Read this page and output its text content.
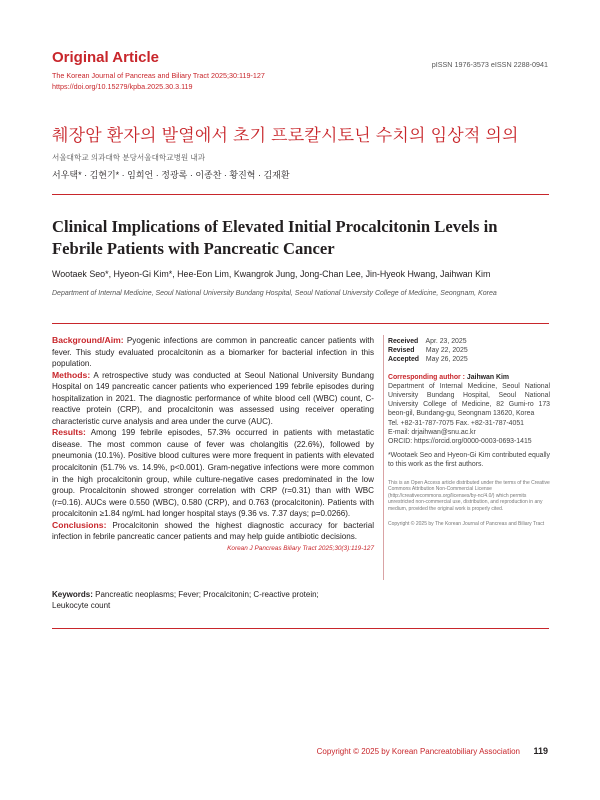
Original Article
The Korean Journal of Pancreas and Biliary Tract 2025;30:119-127
https://doi.org/10.15279/kpba.2025.30.3.119
pISSN 1976-3573 eISSN 2288-0941
췌장암 환자의 발열에서 초기 프로칼시토닌 수치의 임상적 의의
서울대학교 의과대학 분당서울대학교병원 내과
서우택* · 김현기* · 임희언 · 정광록 · 이종찬 · 황진혁 · 김재환
Clinical Implications of Elevated Initial Procalcitonin Levels in Febrile Patients with Pancreatic Cancer
Wootaek Seo*, Hyeon-Gi Kim*, Hee-Eon Lim, Kwangrok Jung, Jong-Chan Lee, Jin-Hyeok Hwang, Jaihwan Kim
Department of Internal Medicine, Seoul National University Bundang Hospital, Seoul National University College of Medicine, Seongnam, Korea

Background/Aim: Pyogenic infections are common in pancreatic cancer patients with fever. This study evaluated procalcitonin as a biomarker for bacterial infection in this population.

Methods: A retrospective study was conducted at Seoul National University Bundang Hospital on 149 pancreatic cancer patients who experienced 199 febrile episodes during hospitalization in 2021. The diagnostic performance of white blood cell (WBC) count, C-reactive protein (CRP), and procalcitonin was assessed using receiver operating characteristic curve analysis and area under the curve (AUC).

Results: Among 199 febrile episodes, 57.3% occurred in patients with metastatic disease. The most common cause of fever was cholangitis (22.6%), followed by pneumonia (10.1%). Positive blood cultures were more frequent in patients with elevated procalcitonin (51.7% vs. 14.9%, p<0.001). Gram-negative infections were more common in the high procalcitonin group, while culture-negative cases predominated in the low group. Procalcitonin showed stronger correlation with CRP (r=0.31) than with WBC (r=0.16). AUCs were 0.550 (WBC), 0.580 (CRP), and 0.763 (procalcitonin). Patients with procalcitonin ≥1.84 ng/mL had longer hospital stays (9.36 vs. 7.37 days; p=0.0266).

Conclusions: Procalcitonin showed the highest diagnostic accuracy for bacterial infection in febrile pancreatic cancer patients and may help guide antibiotic decisions.

Korean J Pancreas Biliary Tract 2025;30(3):119-127

Keywords: Pancreatic neoplasms; Fever; Procalcitonin; C-reactive protein; Leukocyte count
Received Apr. 23, 2025
Revised May 22, 2025
Accepted May 26, 2025
Corresponding author : Jaihwan Kim
Department of Internal Medicine, Seoul National University Bundang Hospital, Seoul National University College of Medicine, 82 Gumi-ro 173 beon-gil, Bundang-gu, Seongnam 13620, Korea
Tel. +82-31-787-7075 Fax. +82-31-787-4051
E-mail: drjaihwan@snu.ac.kr
ORCID: https://orcid.org/0000-0003-0693-1415
*Wootaek Seo and Hyeon-Gi Kim contributed equally to this work as the first authors.
This is an Open Access article distributed under the terms of the Creative Commons Attribution Non-Commercial License (http://creativecommons.org/licenses/by-nc/4.0/) which permits unrestricted non-commercial use, distribution, and reproduction in any medium, provided the original work is properly cited.
Copyright © 2025 by The Korean Journal of Pancreas and Biliary Tract
Copyright © 2025 by Korean Pancreatobiliary Association 119
